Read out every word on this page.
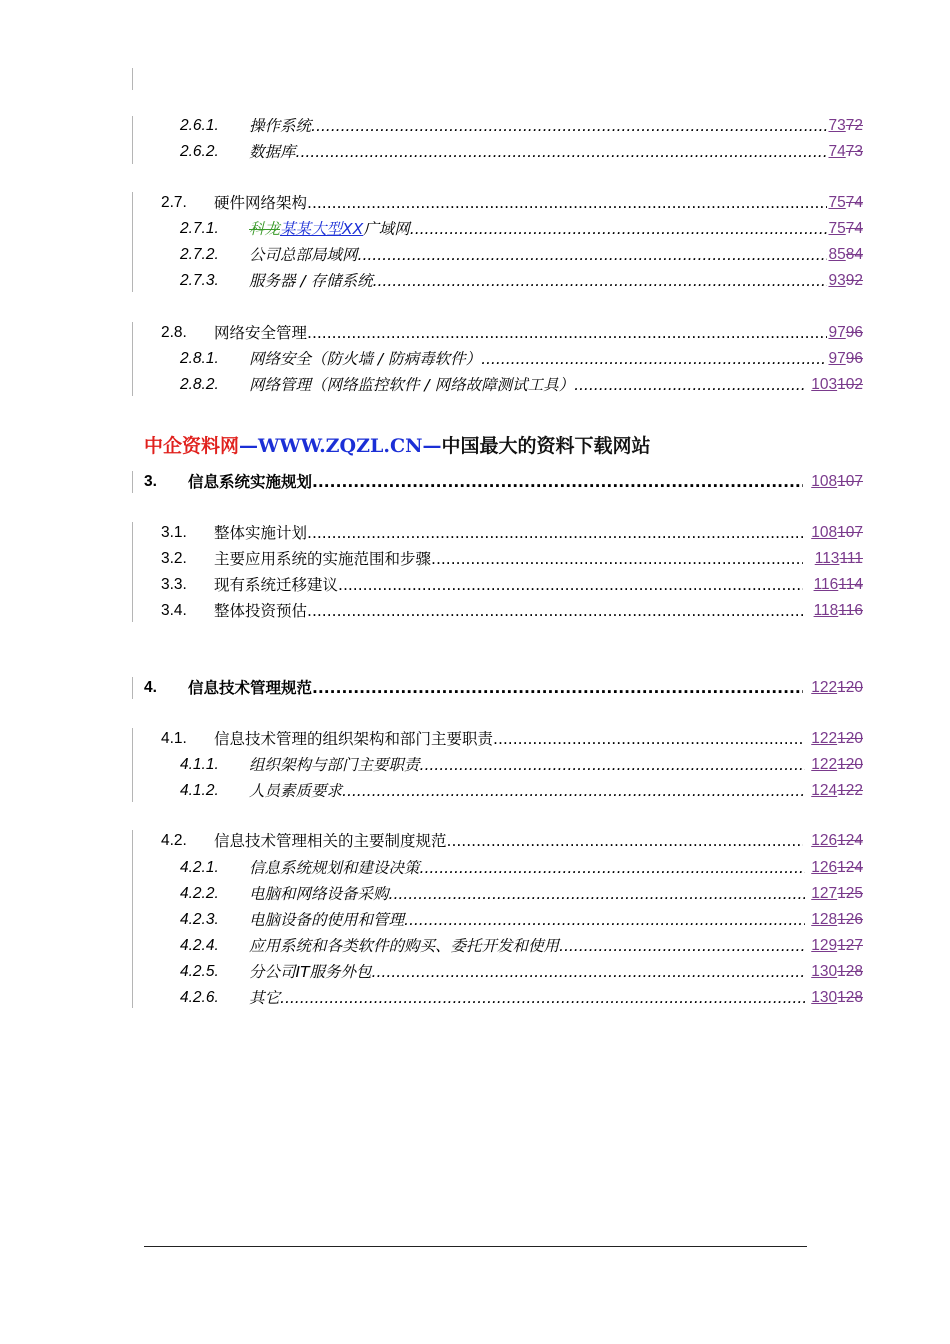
2.6.1. 操作系统 .....	7372
2.6.2. 数据库 .....	7473
2.7. 硬件网络架构 .....	7574
2.7.1. 科龙某某大型XX广域网 .....	7574
2.7.2. 公司总部局域网 .....	8584
2.7.3. 服务器 / 存储系统 .....	9392
2.8. 网络安全管理 .....	9796
2.8.1. 网络安全（防火墙 / 防病毒软件） .....	9796
2.8.2. 网络管理（网络监控软件 / 网络故障测试工具） .....	103102
中企资料网—WWW.ZQZL.CN—中国最大的资料下载网站
3. 信息系统实施规划 .....	108107
3.1. 整体实施计划 .....	108107
3.2. 主要应用系统的实施范围和步骤 .....	113111
3.3. 现有系统迁移建议 .....	116114
3.4. 整体投资预估 .....	118116
4. 信息技术管理规范 .....	122120
4.1. 信息技术管理的组织架构和部门主要职责 .....	122120
4.1.1. 组织架构与部门主要职责 .....	122120
4.1.2. 人员素质要求 .....	124122
4.2. 信息技术管理相关的主要制度规范 .....	126124
4.2.1. 信息系统规划和建设决策 .....	126124
4.2.2. 电脑和网络设备采购 .....	127125
4.2.3. 电脑设备的使用和管理 .....	128126
4.2.4. 应用系统和各类软件的购买、委托开发和使用 .....	129127
4.2.5. 分公司IT服务外包 .....	130128
4.2.6. 其它 .....	130128
